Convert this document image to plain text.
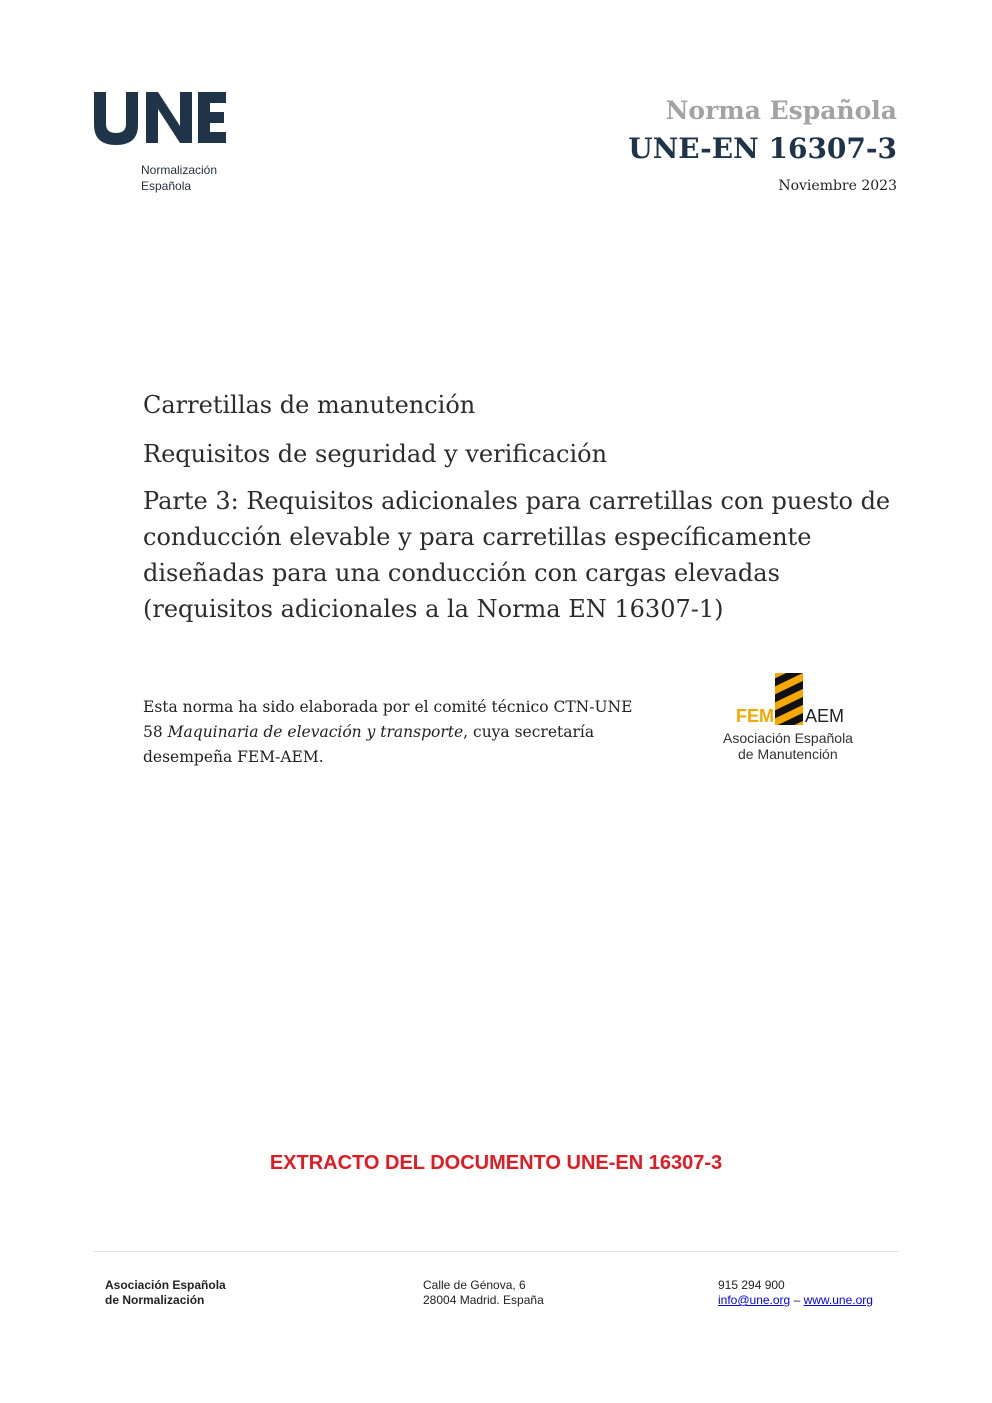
Normalización
Española
Norma Española
UNE-EN 16307-3
Noviembre 2023
Carretillas de manutención
Requisitos de seguridad y verificación
Parte 3: Requisitos adicionales para carretillas con puesto de conducción elevable y para carretillas específicamente diseñadas para una conducción con cargas elevadas (requisitos adicionales a la Norma EN 16307-1)
Esta norma ha sido elaborada por el comité técnico CTN-UNE 58 Maquinaria de elevación y transporte, cuya secretaría desempeña FEM-AEM.
FEM AEM
Asociación Española
de Manutención
EXTRACTO DEL DOCUMENTO UNE-EN 16307-3
Asociación Española
de Normalización
Calle de Génova, 6
28004 Madrid. España
915 294 900
info@une.org – www.une.org
